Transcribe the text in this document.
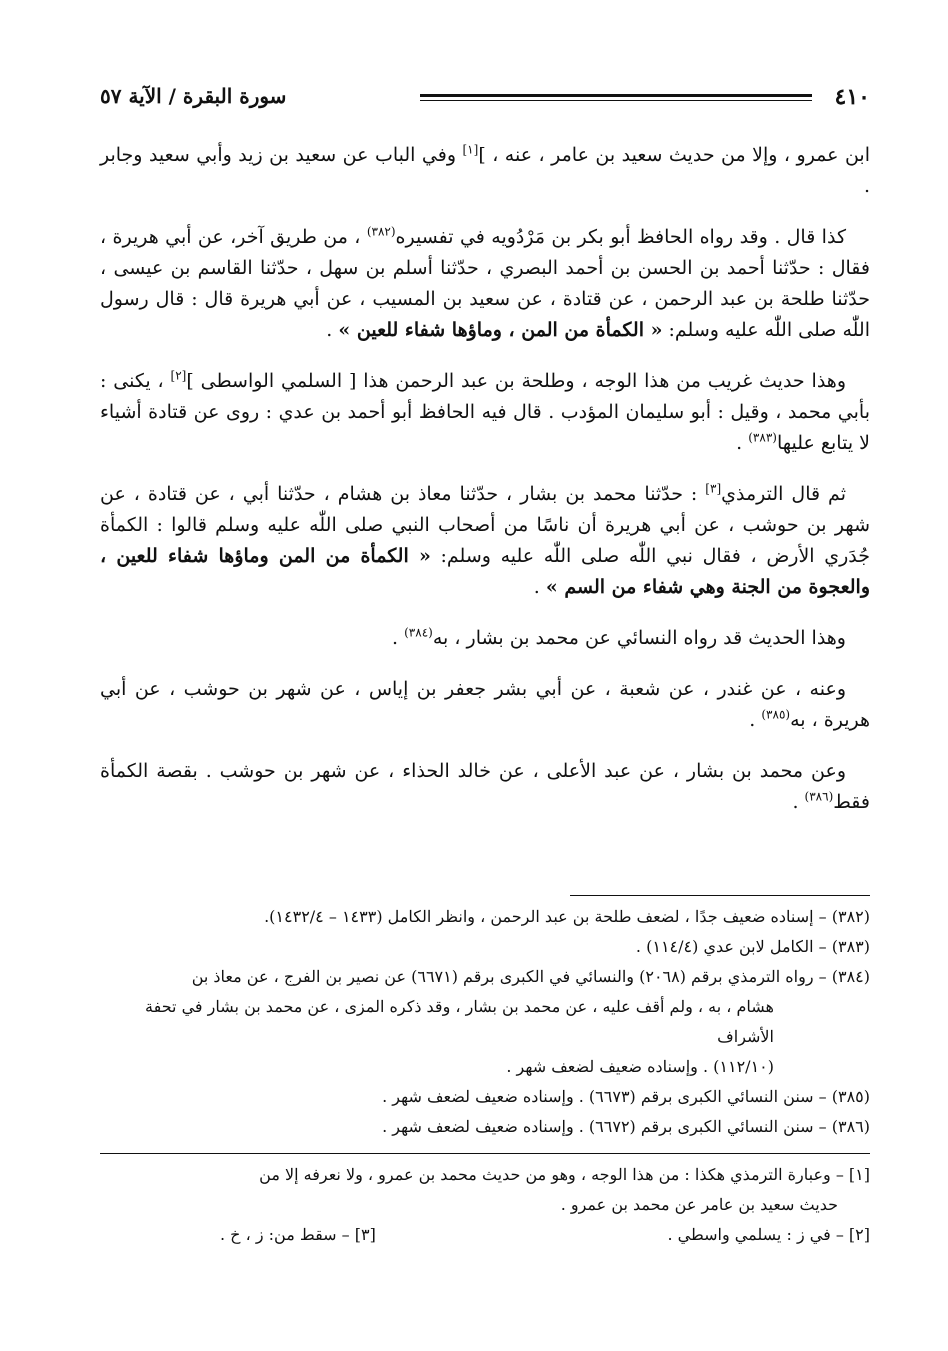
٤١٠
سورة البقرة / الآية ٥٧

ابن عمرو ، وإلا من حديث سعيد بن عامر ، عنه ، ][١] وفي الباب عن سعيد بن زيد وأبي سعيد وجابر .

كذا قال . وقد رواه الحافظ أبو بكر بن مَرْدُويه في تفسيره$^{(٣٨٢)}$ ، من طريق آخر، عن أبي هريرة ، فقال : حدّثنا أحمد بن الحسن بن أحمد البصري ، حدّثنا أسلم بن سهل ، حدّثنا القاسم بن عيسى ، حدّثنا طلحة بن عبد الرحمن ، عن قتادة ، عن سعيد بن المسيب ، عن أبي هريرة قال : قال رسول اللّٰه صلى اللّٰه عليه وسلم: « الكمأة من المن ، وماؤها شفاء للعين » .

وهذا حديث غريب من هذا الوجه ، وطلحة بن عبد الرحمن هذا [ السلمي الواسطى ][٢] ، يكنى : بأبي محمد ، وقيل : أبو سليمان المؤدب . قال فيه الحافظ أبو أحمد بن عدي : روى عن قتادة أشياء لا يتابع عليها$^{(٣٨٣)}$ .

ثم قال الترمذي[٣] : حدّثنا محمد بن بشار ، حدّثنا معاذ بن هشام ، حدّثنا أبي ، عن قتادة ، عن شهر بن حوشب ، عن أبي هريرة أن ناسًا من أصحاب النبي صلى اللّٰه عليه وسلم قالوا : الكمأة جُدَري الأرض ، فقال نبي اللّٰه صلى اللّٰه عليه وسلم: « الكمأة من المن وماؤها شفاء للعين ، والعجوة من الجنة وهي شفاء من السم » .

وهذا الحديث قد رواه النسائي عن محمد بن بشار ، به$^{(٣٨٤)}$ .

وعنه ، عن غندر ، عن شعبة ، عن أبي بشر جعفر بن إياس ، عن شهر بن حوشب ، عن أبي هريرة ، به$^{(٣٨٥)}$ .

وعن محمد بن بشار ، عن عبد الأعلى ، عن خالد الحذاء ، عن شهر بن حوشب . بقصة الكمأة فقط$^{(٣٨٦)}$ .

(٣٨٢) – إسناده ضعيف جدًا ، لضعف طلحة بن عبد الرحمن ، وانظر الكامل (١٤٣٣ – ١٤٣٢/٤).

(٣٨٣) – الكامل لابن عدي (١١٤/٤) .

(٣٨٤) – رواه الترمذي برقم (٢٠٦٨) والنسائي في الكبرى برقم (٦٦٧١) عن نصير بن الفرج ، عن معاذ بن

هشام ، به ، ولم أقف عليه ، عن محمد بن بشار ، وقد ذكره المزى ، عن محمد بن بشار في تحفة الأشراف

(١١٢/١٠) . وإسناده ضعيف لضعف شهر .

(٣٨٥) – سنن النسائي الكبرى برقم (٦٦٧٣) . وإسناده ضعيف لضعف شهر .

(٣٨٦) – سنن النسائي الكبرى برقم (٦٦٧٢) . وإسناده ضعيف لضعف شهر .

[١] – وعبارة الترمذي هكذا : من هذا الوجه ، وهو من حديث محمد بن عمرو ، ولا نعرفه إلا من

حديث سعيد بن عامر عن محمد بن عمرو .

[٢] – في ز : يسلمي واسطي .
[٣] – سقط من: ز ، خ .
